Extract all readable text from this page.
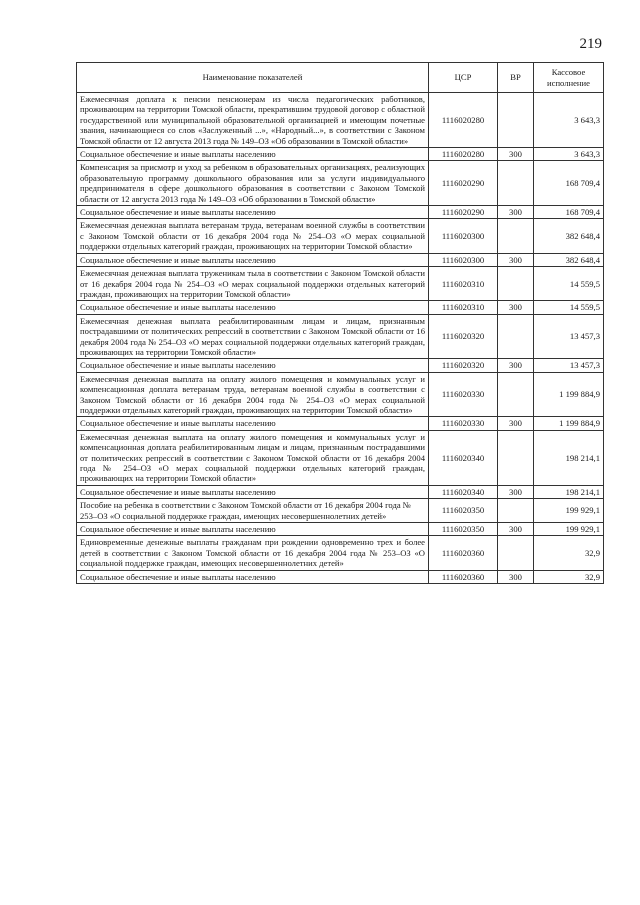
219
Наименование показателей	ЦСР	ВР	Кассовое исполнение
Ежемесячная доплата к пенсии пенсионерам из числа педагогических работников, проживающим на территории Томской области, прекратившим трудовой договор с областной государственной или муниципальной образовательной организацией и имеющим почетные звания, начинающиеся со слов «Заслуженный ...», «Народный...», в соответствии с Законом Томской области от 12 августа 2013 года № 149–ОЗ «Об образовании в Томской области»	1116020280		3 643,3
Социальное обеспечение и иные выплаты населению	1116020280	300	3 643,3
Компенсация за присмотр и уход за ребенком в образовательных организациях, реализующих образовательную программу дошкольного образования или за услуги индивидуального предпринимателя в сфере дошкольного образования в соответствии с Законом Томской области от 12 августа 2013 года № 149–ОЗ «Об образовании в Томской области»	1116020290		168 709,4
Социальное обеспечение и иные выплаты населению	1116020290	300	168 709,4
Ежемесячная денежная выплата ветеранам труда, ветеранам военной службы в соответствии с Законом Томской области от 16 декабря 2004 года № 254–ОЗ «О мерах социальной поддержки отдельных категорий граждан, проживающих на территории Томской области»	1116020300		382 648,4
Социальное обеспечение и иные выплаты населению	1116020300	300	382 648,4
Ежемесячная денежная выплата труженикам тыла в соответствии с Законом Томской области от 16 декабря 2004 года № 254–ОЗ «О мерах социальной поддержки отдельных категорий граждан, проживающих на территории Томской области»	1116020310		14 559,5
Социальное обеспечение и иные выплаты населению	1116020310	300	14 559,5
Ежемесячная денежная выплата реабилитированным лицам и лицам, признанным пострадавшими от политических репрессий в соответствии с Законом Томской области от 16 декабря 2004 года № 254–ОЗ «О мерах социальной поддержки отдельных категорий граждан, проживающих на территории Томской области»	1116020320		13 457,3
Социальное обеспечение и иные выплаты населению	1116020320	300	13 457,3
Ежемесячная денежная выплата на оплату жилого помещения и коммунальных услуг и компенсационная доплата ветеранам труда, ветеранам военной службы в соответствии с Законом Томской области от 16 декабря 2004 года № 254–ОЗ «О мерах социальной поддержки отдельных категорий граждан, проживающих на территории Томской области»	1116020330		1 199 884,9
Социальное обеспечение и иные выплаты населению	1116020330	300	1 199 884,9
Ежемесячная денежная выплата на оплату жилого помещения и коммунальных услуг и компенсационная доплата реабилитированным лицам и лицам, признанным пострадавшими от политических репрессий в соответствии с Законом Томской области от 16 декабря 2004 года № 254–ОЗ «О мерах социальной поддержки отдельных категорий граждан, проживающих на территории Томской области»	1116020340		198 214,1
Социальное обеспечение и иные выплаты населению	1116020340	300	198 214,1
Пособие на ребенка в соответствии с Законом Томской области от 16 декабря 2004 года № 253–ОЗ «О социальной поддержке граждан, имеющих несовершеннолетних детей»	1116020350		199 929,1
Социальное обеспечение и иные выплаты населению	1116020350	300	199 929,1
Единовременные денежные выплаты гражданам при рождении одновременно трех и более детей в соответствии с Законом Томской области от 16 декабря 2004 года № 253–ОЗ «О социальной поддержке граждан, имеющих несовершеннолетних детей»	1116020360		32,9
Социальное обеспечение и иные выплаты населению	1116020360	300	32,9
